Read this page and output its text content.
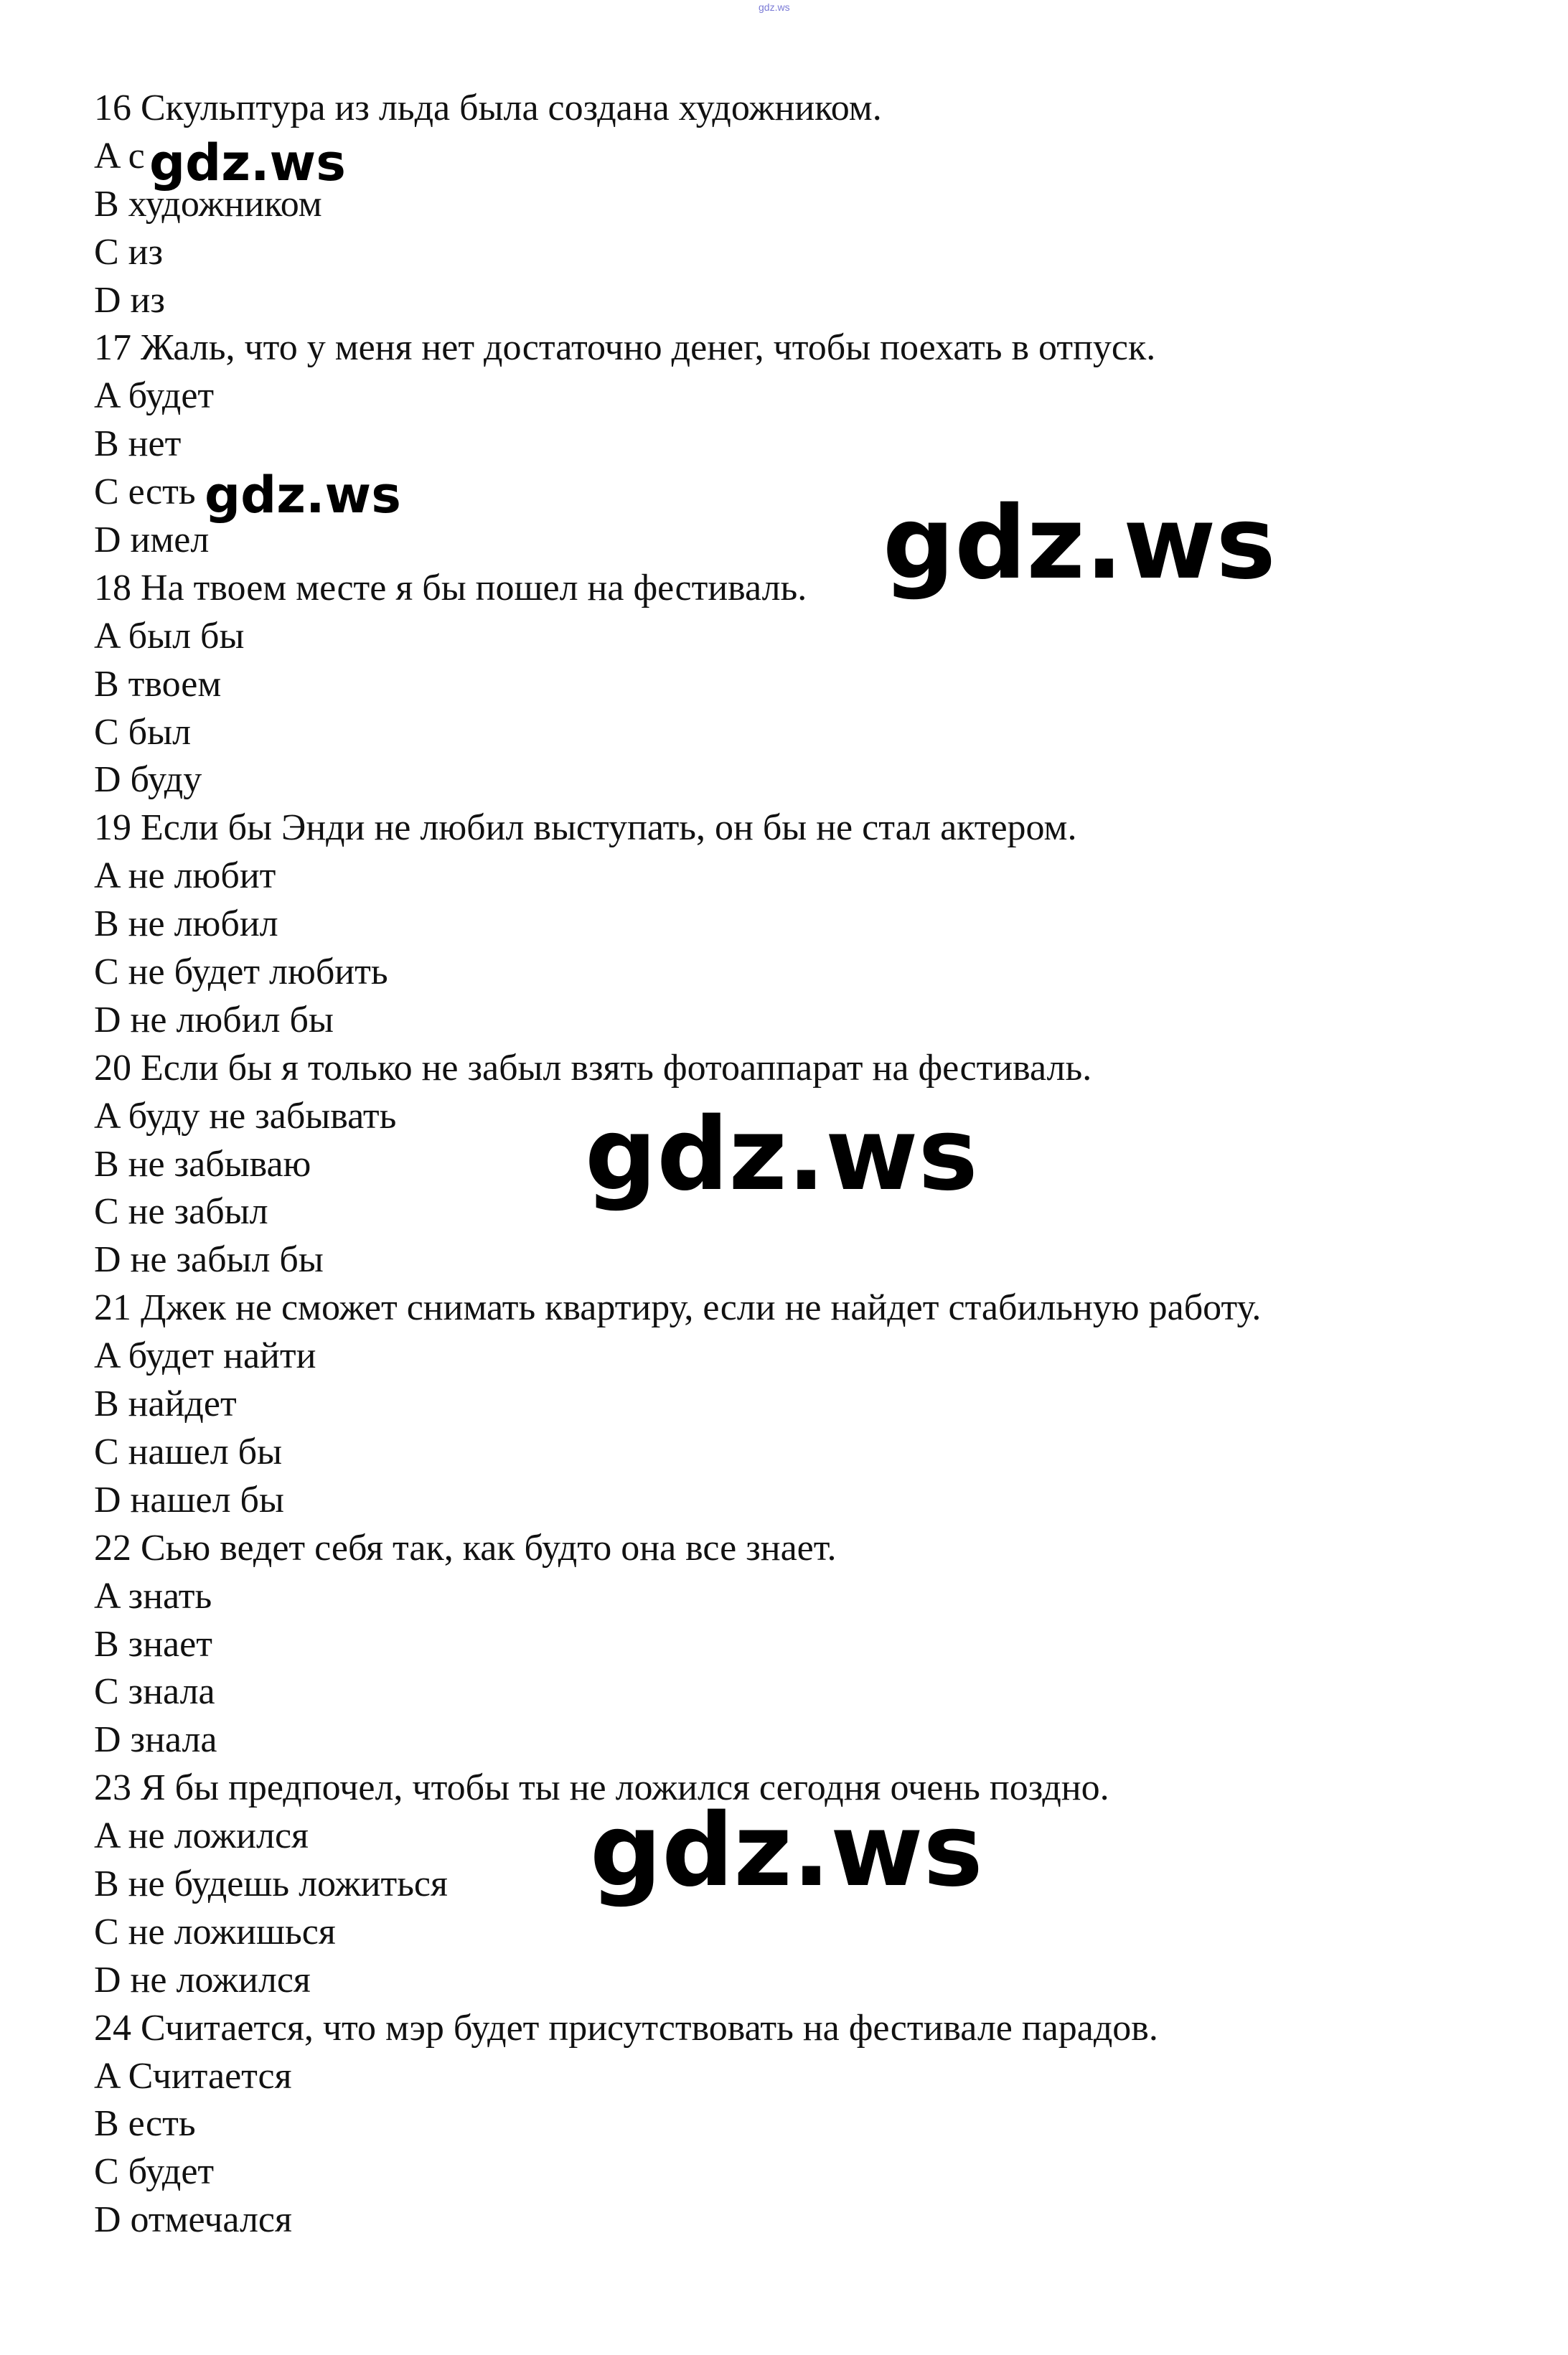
gdz.ws
16 Скульптура из льда была создана художником.
A c
B художником
C из
D из
17 Жаль, что у меня нет достаточно денег, чтобы поехать в отпуск.
A будет
B нет
C есть
D имел
18 На твоем месте я бы пошел на фестиваль.
A был бы
B твоем
C был
D буду
19 Если бы Энди не любил выступать, он бы не стал актером.
A не любит
B не любил
C не будет любить
D не любил бы
20 Если бы я только не забыл взять фотоаппарат на фестиваль.
A буду не забывать
B не забываю
C не забыл
D не забыл бы
21 Джек не сможет снимать квартиру, если не найдет стабильную работу.
A будет найти
B найдет
C нашел бы
D нашел бы
22 Сью ведет себя так, как будто она все знает.
A знать
B знает
C знала
D знала
23 Я бы предпочел, чтобы ты не ложился сегодня очень поздно.
A не ложился
B не будешь ложиться
C не ложишься
D не ложился
24 Считается, что мэр будет присутствовать на фестивале парадов.
A Считается
B есть
C будет
D отмечался
gdz.ws
gdz.ws	gdz.ws
gdz.ws
gdz.ws
